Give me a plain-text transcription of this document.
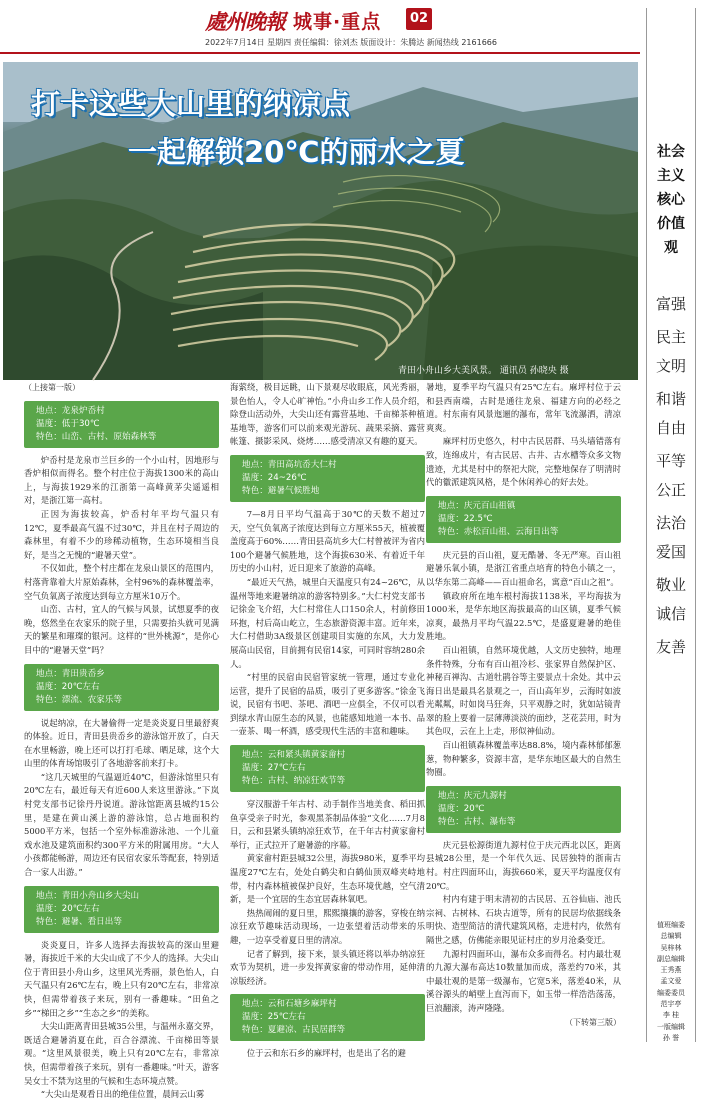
處州晚報 城事·重点	02
2022年7月14日 星期四 责任编辑：徐刘杰 版面设计：朱腾达 新闻热线 2161666
打卡这些大山里的纳凉点
一起解锁20℃的丽水之夏
青田小舟山乡大美风景。 通讯员 孙晓央 摄
社会主义核心价值观
富强
民主
文明
和谐
自由
平等
公正
法治
爱国
敬业
诚信
友善
值班编委
总编辑
吴梓林
副总编辑
王秀燕
孟文爱
编委委员
范宇亭
李 桂
一版编辑
孙 誉

（上接第一版）

地点：龙泉炉岙村
温度：低于30℃
特色：山峦、古村、原始森林等

炉岙村是龙泉市兰巨乡的一个小山村，因地形与香炉相似而得名。整个村庄位于海拔1300米的高山上，与海拔1929米的江浙第一高峰黄茅尖遥遥相对，是浙江第一高村。

正因为海拔较高，炉岙村年平均气温只有12℃，夏季最高气温不过30℃，并且在村子周边的森林里，有着不少的珍稀动植物，生态环境相当良好，是当之无愧的“避暑天堂”。

不仅如此，整个村庄都在龙泉山景区的范围内，村落背靠着大片原始森林，全村96%的森林覆盖率，空气负氧离子浓度达到每立方厘米10万个。

山峦、古村，宜人的气候与风景，试想夏季的夜晚，悠然坐在农家乐的院子里，只需要抬头就可见满天的繁星和璀璨的银河。这样的“世外桃源”，是你心目中的“避暑天堂”吗？

地点：青田贵岙乡
温度：20℃左右
特色：漂流、农家乐等

说起纳凉，在大暑偷得一定是炎炎夏日里最舒爽的体验。近日，青田县贵岙乡的游泳馆开放了，白天在水里畅游，晚上还可以打打毛球、晒足球，这个大山里的体育场馆吸引了各地游客前来打卡。

“这几天城里的气温逼近40℃，但游泳馆里只有20℃左右，最近每天有近600人来这里游泳。”下岚村党支部书记徐丹丹说道。游泳馆距离县城约15公里，是建在黄山溪上游的游泳馆，总占地面积约5000平方米，包括一个室外标准游泳池、一个儿童戏水池及建筑面积约300平方米的附属用房。“大人小孩都能畅游，周边还有民宿农家乐等配套，特别适合一家人出游。”

地点：青田小舟山乡大尖山
温度：20℃左右
特色：避暑、看日出等

炎炎夏日，许多人选择去海拔较高的深山里避暑，海拔近千米的大尖山成了不少人的选择。大尖山位于青田县小舟山乡，这里风光秀丽，景色怡人，白天气温只有26℃左右，晚上只有20℃左右，非常凉快，但需带着孩子来玩，别有一番趣味。“田鱼之乡”“梯田之乡”“生态之乡”的美称。

大尖山距离青田县城35公里，与温州永嘉交界，既适合避暑消夏在此，百合谷漂流、千亩梯田等景观。“这里风景很美，晚上只有20℃左右，非常凉快，但需带着孩子来玩，别有一番趣味。”叶天，游客吴女士不禁为这里的气候和生态环境点赞。

“大尖山是观看日出的绝佳位置，晨间云山雾

海萦绕，极目远眺，山下景观尽收眼底，风光秀丽，景色怡人，令人心旷神怡。”小舟山乡工作人员介绍，除登山活动外，大尖山还有露营基地、千亩梯茶种植基地等，游客们可以前来观光游玩、蔬果采摘、露营帐篷、摄影采风、烧烤……感受清凉又有趣的夏天。

地点：青田高坑岙大仁村
温度：24~26℃
特色：避暑气候胜地

7—8月日平均气温高于30℃的天数不超过7天，空气负氧离子浓度达到每立方厘米55天，植被覆盖度高于60%……青田县高坑乡大仁村曾被评为省内100个避暑气候胜地，这个海拔630米、有着近千年历史的小山村，近日迎来了旅游的高峰。

“最近天气热，城里白天温度只有24~26℃，从温州等地来避暑纳凉的游客特别多。”大仁村党支部书记徐金飞介绍，大仁村常住人口150余人，村前修田环抱，村后高山屹立，生态旅游资源丰富。近年来，大仁村借助3A级景区创建项目实施的东风，大力发展高山民宿，目前拥有民宿14家，可同时容纳280余人。

“村里的民宿由民宿管家统一管理，通过专业化运营，提升了民宿的品质，吸引了更多游客。”徐金飞说，民宿有书吧、茶吧、酒吧一应俱全，不仅可以看到绿水青山原生态的风景，也能感知地道一本书、品一壶茶、喝一杯酒，感受现代生活的丰富和趣味。

地点：云和紧头镇黄家畲村
温度：27℃左右
特色：古村、纳凉狂欢节等

穿汉服游千年古村、动手制作当地美食、稻田抓鱼享受亲子时光，参观黑茶制品体验“文化……7月8日，云和县紧头镇纳凉狂欢节，在千年古村黄家畲村举行，正式拉开了避暑游的序幕。

黄家畲村距县城32公里，海拔980米，夏季平均温度27℃左右，处处白鹤尖和白鹤仙顶双峰夹峙地带，村内森林植被保护良好，生态环境优越，空气清新，是一个宜居的生态宜居森林氧吧。

热热闹闹的夏日里，熙熙攘攘的游客，穿梭在纳凉狂欢节趣味活动现场，一边张望着活动带来的乐趣，一边享受着夏日里的清凉。

记者了解到，接下来，景头镇还将以举办纳凉狂欢节为契机，进一步发挥黄家畲的带动作用，延伸清凉版经济。

地点：云和石塘乡麻坪村
温度：25℃左右
特色：夏避凉、古民居群等

位于云和东石乡的麻坪村，也是出了名的避

暑地，夏季平均气温只有25℃左右。麻坪村位于云和县西南端，古时是通往龙泉、福建方向的必经之道。村东南有风景迤逦的瀑布，常年飞流瀑洒，清凉爽爽。

麻坪村历史悠久，村中古民居群、马头墙错落有致，连绵成片，有古民居、古井、古水槽等众多文物遗迹，尤其是村中的祭祀大院，完整地保存了明清时代的徽派建筑风格，是个休闲养心的好去处。

地点：庆元百山祖镇
温度：22.5℃
特色：赤松百山祖、云海日出等

庆元县的百山祖，夏无酷暑、冬无严寒。百山祖避暑乐氧小镇，是浙江省重点培育的特色小镇之一，以华东第二高峰——百山祖命名，寓意“百山之祖”。

镇政府所在地车根村海拔1138米，平均海拔为1000米，是华东地区海拔最高的山区镇，夏季气候凉爽，最热月平均气温22.5℃，是盛夏避暑的绝佳胜地。

百山祖镇，自然环境优越，人文历史独特，地理条件特殊，分布有百山祖冷杉、张家界自然保护区、神秘百禅沟、古道牡鹃谷等主要景点十余处。其中云海日出是最具名景观之一，百山高年岁，云海时如波光粼粼，时如岗马狂奔，只平观静之时，犹如站镜青翠的脸上要着一层薄薄淡淡的面纱，芝花芸用，时为其色叹，云在上上走，形似神仙动。

百山祖镇森林覆盖率达88.8%，境内森林郁郁葱葱，物种繁多，资源丰富，是华东地区最大的自然生物圈。

地点：庆元九源村
温度：20℃
特色：古村、瀑布等

庆元县松源街道九源村位于庆元西北以区，距离县城28公里，是一个年代久远、民居独特的浙南古村。村庄四面环山，海拔660米，夏天平均温度仅有20℃。

村内有建于明末清初的古民居、五谷仙庙、池氏宗祠、古树林、石块古道等，所有的民居均依据线条明快、造型简洁的清代建筑风格，走进村内，依然有隔世之感，仿佛能亲眼见证村庄的岁月沧桑变迁。

九源村四面环山，瀑布众多而得名。村内最壮观的九源大瀑布高达10数量加而成，落差约70米，其中最壮观的是第一级瀑布，它宽5米，落差40米，从溪谷源头的峭壁上直泻而下，如玉带一样浩浩荡荡，巨浪翻滚，涛声隆隆。

（下转第三版）
